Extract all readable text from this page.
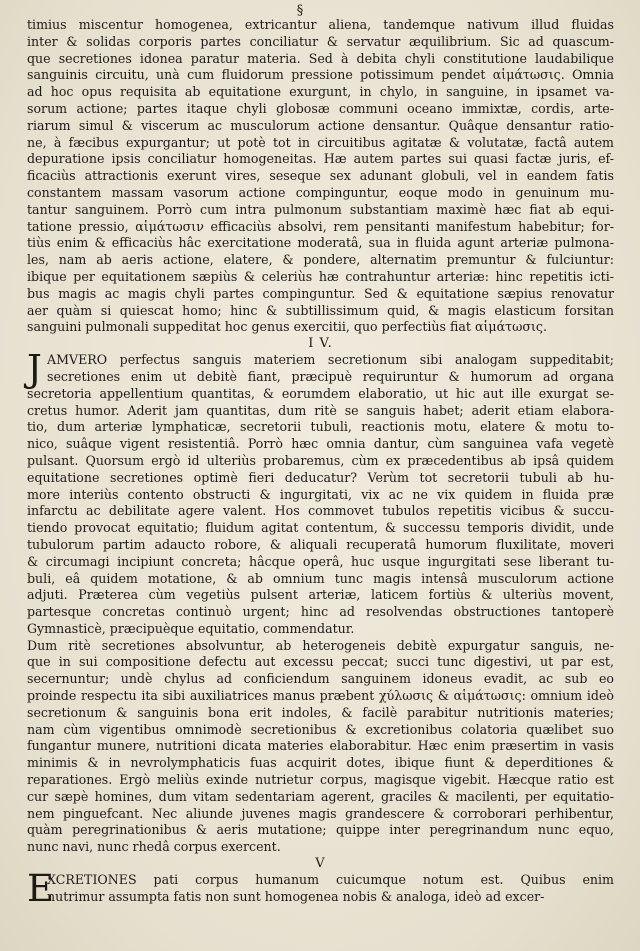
§
timius miscentur homogenea, extricantur aliena, tandemque nativum illud fluidas
inter & solidas corporis partes conciliatur & servatur æquilibrium. Sic ad quascum-
que secretiones idonea paratur materia. Sed à debita chyli constitutione laudabilique
sanguinis circuitu, unà cum fluidorum pressione potissimum pendet αἱμάτωσις. Omnia
ad hoc opus requisita ab equitatione exurgunt, in chylo, in sanguine, in ipsamet va-
sorum actione; partes itaque chyli globosæ communi oceano immixtæ, cordis, arte-
riarum simul & viscerum ac musculorum actione densantur. Quâque densantur ratio-
ne, à fæcibus expurgantur; ut potè tot in circuitibus agitatæ & volutatæ, factâ autem
depuratione ipsis conciliatur homogeneitas. Hæ autem partes sui quasi factæ juris, ef-
ficaciùs attractionis exerunt vires, seseque sex adunant globuli, vel in eandem fatis
constantem massam vasorum actione compinguntur, eoque modo in genuinum mu-
tantur sanguinem. Porrò cum intra pulmonum substantiam maximè hæc fiat ab equi-
tatione pressio, αἱμάτωσιν efficaciùs absolvi, rem pensitanti manifestum habebitur; for-
tiùs enim & efficaciùs hâc exercitatione moderatâ, sua in fluida agunt arteriæ pulmona-
les, nam ab aeris actione, elatere, & pondere, alternatim premuntur & fulciuntur:
ibique per equitationem sæpiùs & celeriùs hæ contrahuntur arteriæ: hinc repetitis icti-
bus magis ac magis chyli partes compinguntur. Sed & equitatione sæpius renovatur
aer quàm si quiescat homo; hinc & subtillissimum quid, & magis elasticum forsitan
sanguini pulmonali suppeditat hoc genus exercitii, quo perfectiùs fiat αἱμάτωσις.
I V.
J AMVERO perfectus sanguis materiem secretionum sibi analogam suppeditabit;
secretiones enim ut debitè fiant, præcipuè requiruntur & humorum ad organa
secretoria appellentium quantitas, & eorumdem elaboratio, ut hic aut ille exurgat se-
cretus humor. Aderit jam quantitas, dum ritè se sanguis habet; aderit etiam elabora-
tio, dum arteriæ lymphaticæ, secretorii tubuli, reactionis motu, elatere & motu to-
nico, suâque vigent resistentiâ. Porrò hæc omnia dantur, cùm sanguinea vafa vegetè
pulsant. Quorsum ergò id ulteriùs probaremus, cùm ex præcedentibus ab ipsâ quidem
equitatione secretiones optimè fieri deducatur? Verùm tot secretorii tubuli ab hu-
more interiùs contento obstructi & ingurgitati, vix ac ne vix quidem in fluida præ
infarctu ac debilitate agere valent. Hos commovet tubulos repetitis vicibus & succu-
tiendo provocat equitatio; fluidum agitat contentum, & successu temporis dividit, unde
tubulorum partim adaucto robore, & aliquali recuperatâ humorum fluxilitate, moveri
& circumagi incipiunt concreta; hâcque operâ, huc usque ingurgitati sese liberant tu-
buli, eâ quidem motatione, & ab omnium tunc magis intensâ musculorum actione
adjuti. Præterea cùm vegetiùs pulsent arteriæ, laticem fortiùs & ulteriùs movent,
partesque concretas continuò urgent; hinc ad resolvendas obstructiones tantoperè
Gymnasticè, præcipuèque equitatio, commendatur.
Dum ritè secretiones absolvuntur, ab heterogeneis debitè expurgatur sanguis, ne-
que in sui compositione defectu aut excessu peccat; succi tunc digestivi, ut par est,
secernuntur; undè chylus ad conficiendum sanguinem idoneus evadit, ac sub eo
proinde respectu ita sibi auxiliatrices manus præbent χύλωσις & αἱμάτωσις: omnium ideò
secretionum & sanguinis bona erit indoles, & facilè parabitur nutritionis materies;
nam cùm vigentibus omnimodè secretionibus & excretionibus colatoria quælibet suo
fungantur munere, nutritioni dicata materies elaborabitur. Hæc enim præsertim in vasis
minimis & in nevrolymphaticis fuas acquirit dotes, ibique fiunt & deperditiones &
reparationes. Ergò meliùs exinde nutrietur corpus, magisque vigebit. Hæcque ratio est
cur sæpè homines, dum vitam sedentariam agerent, graciles & macilenti, per equitatio-
nem pinguefcant. Nec aliunde juvenes magis grandescere & corroborari perhibentur,
quàm peregrinationibus & aeris mutatione; quippe inter peregrinandum nunc equo,
nunc navi, nunc rhedâ corpus exercent.
V
E
XCRETIONES pati corpus humanum cuicumque notum est. Quibus enim
nutrimur assumpta fatis non sunt homogenea nobis & analoga, ideò ad excer-
